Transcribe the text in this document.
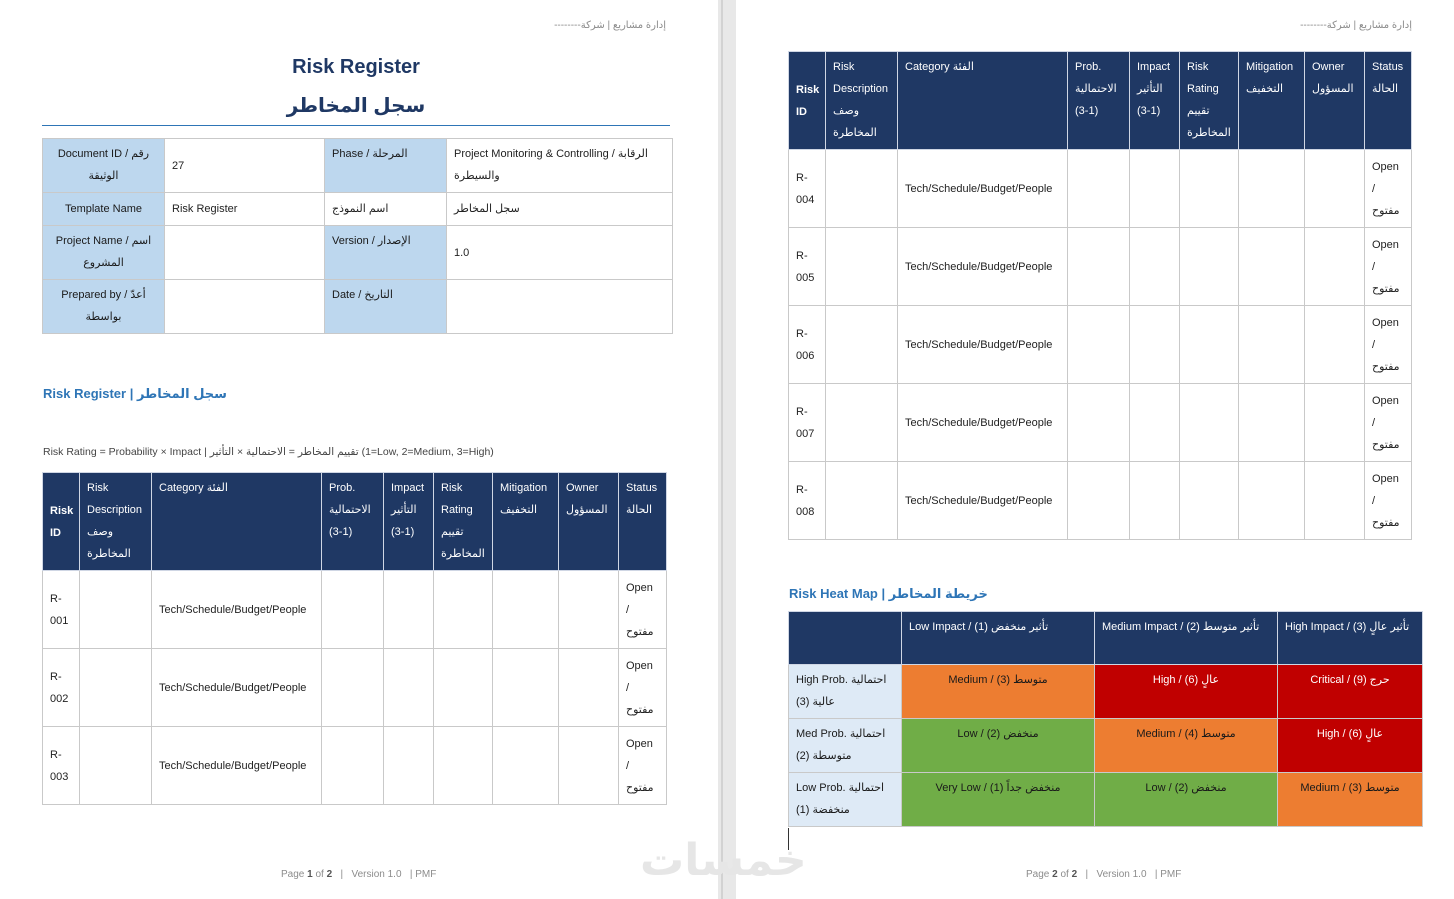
إدارة مشاريع | شركة--------
Risk Register
سجل المخاطر
Document ID / رقم الوثيقة	27	Phase / المرحلة	Project Monitoring & Controlling / الرقابة والسيطرة
Template Name	Risk Register	اسم النموذج	سجل المخاطر
Project Name / اسم المشروع		Version / الإصدار	1.0
Prepared by / أعدّ بواسطة		Date / التاريخ	
Risk Register | سجل المخاطر
Risk Rating = Probability × Impact | تقييم المخاطر = الاحتمالية × التأثير (1=Low, 2=Medium, 3=High)
Risk ID	Risk Description وصف المخاطرة	Category الفئة	Prob. الاحتمالية (1-3)	Impact التأثير (1-3)	Risk Rating تقييم المخاطرة	Mitigation التخفيف	Owner المسؤول	Status الحالة
R-001		Tech/Schedule/Budget/People						Open / مفتوح
R-002		Tech/Schedule/Budget/People						Open / مفتوح
R-003		Tech/Schedule/Budget/People						Open / مفتوح
Page 1 of 2 | Version 1.0 | PMF
إدارة مشاريع | شركة--------
Risk ID	Risk Description وصف المخاطرة	Category الفئة	Prob. الاحتمالية (1-3)	Impact التأثير (1-3)	Risk Rating تقييم المخاطرة	Mitigation التخفيف	Owner المسؤول	Status الحالة
R-004		Tech/Schedule/Budget/People						Open / مفتوح
R-005		Tech/Schedule/Budget/People						Open / مفتوح
R-006		Tech/Schedule/Budget/People						Open / مفتوح
R-007		Tech/Schedule/Budget/People						Open / مفتوح
R-008		Tech/Schedule/Budget/People						Open / مفتوح
Risk Heat Map | خريطة المخاطر
	Low Impact / تأثير منخفض (1)	Medium Impact / تأثير متوسط (2)	High Impact / تأثير عالٍ (3)
High Prob. احتمالية عالية (3)	Medium / متوسط (3)	High / عالٍ (6)	Critical / حرج (9)
Med Prob. احتمالية متوسطة (2)	Low / منخفض (2)	Medium / متوسط (4)	High / عالٍ (6)
Low Prob. احتمالية منخفضة (1)	Very Low / منخفض جداً (1)	Low / منخفض (2)	Medium / متوسط (3)
Page 2 of 2 | Version 1.0 | PMF
خمسات
